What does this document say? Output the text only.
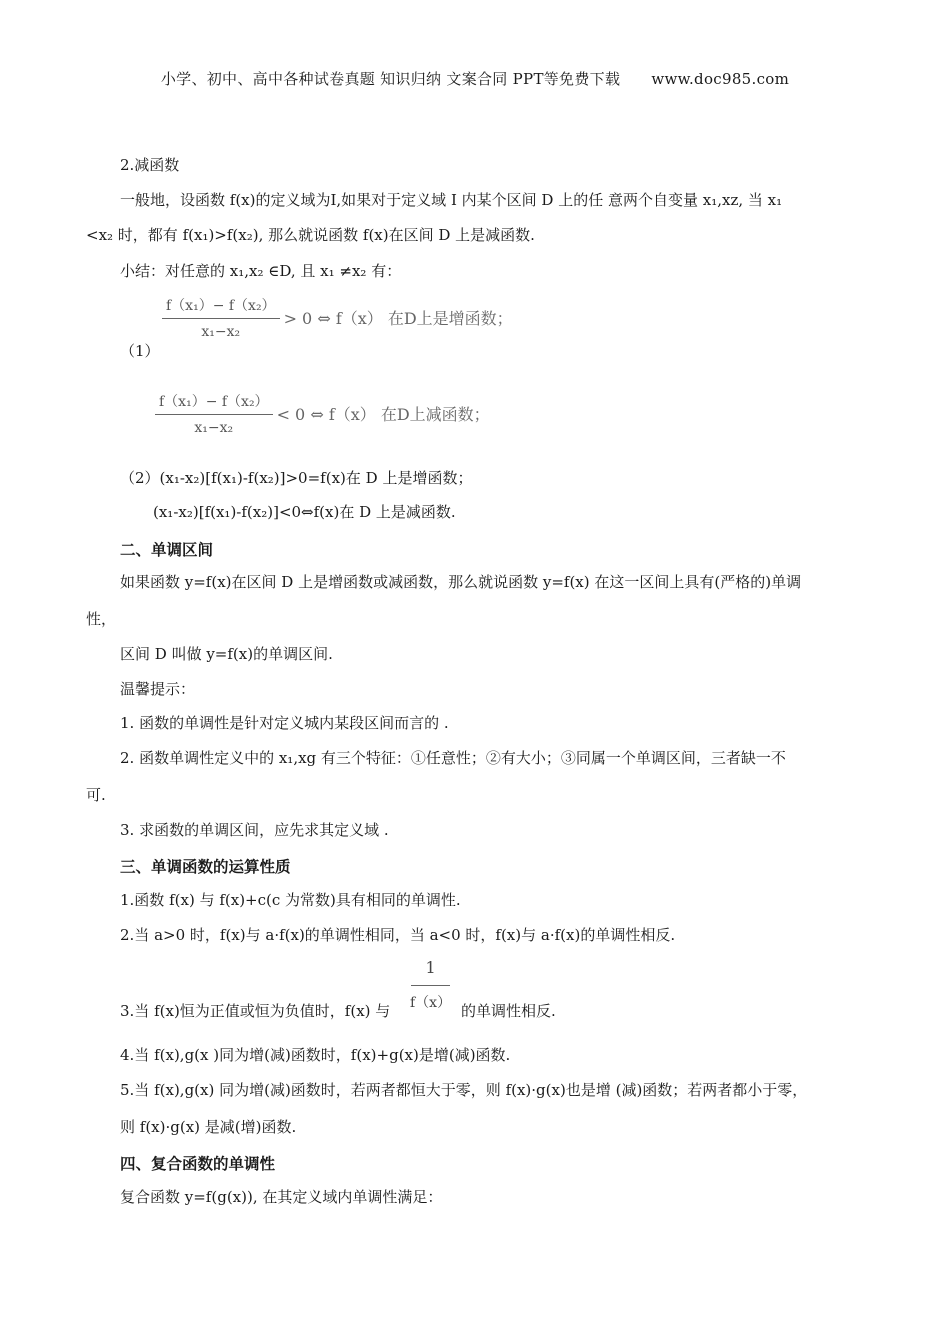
小学、初中、高中各种试卷真题 知识归纳 文案合同 PPT等免费下载 www.doc985.com
2.减函数
一般地，设函数 f(x)的定义域为I,如果对于定义域 I 内某个区间 D 上的任 意两个自变量 x₁,xz, 当 x₁
<x₂ 时，都有 f(x₁)>f(x₂), 那么就说函数 f(x)在区间 D 上是减函数.
小结：对任意的 x₁,x₂ ∈D, 且 x₁ ≠x₂ 有：
$\frac{\text{f（x₁）− f（x₂）}}{\text{x₁−x₂}} > 0$ ⇔ f（x） 在D上是增函数；
（1）
$\frac{\text{f（x₁）− f（x₂）}}{\text{x₁−x₂}} < 0$ ⇔ f（x） 在D上减函数；
（2）(x₁-x₂)[f(x₁)-f(x₂)]>0=f(x)在 D 上是增函数；
(x₁-x₂)[f(x₁)-f(x₂)]<0⇔f(x)在 D 上是减函数.
二、单调区间
如果函数 y=f(x)在区间 D 上是增函数或减函数，那么就说函数 y=f(x) 在这一区间上具有(严格的)单调
性，
区间 D 叫做 y=f(x)的单调区间.
温馨提示：
1. 函数的单调性是针对定义城内某段区间而言的 .
2. 函数单调性定义中的 x₁,xg 有三个特征：①任意性；②有大小；③同属一个单调区间，三者缺一不
可.
3. 求函数的单调区间，应先求其定义域 .
三、单调函数的运算性质
1.函数 f(x) 与 f(x)+c(c 为常数)具有相同的单调性.
2.当 a>0 时，f(x)与 a·f(x)的单调性相同，当 a<0 时，f(x)与 a·f(x)的单调性相反.
$\frac{1}{f(x)}$
3.当 f(x)恒为正值或恒为负值时，f(x) 与	的单调性相反.
4.当 f(x),g(x )同为增(减)函数时，f(x)+g(x)是增(减)函数.
5.当 f(x),g(x) 同为增(减)函数时，若两者都恒大于零，则 f(x)·g(x)也是增 (减)函数；若两者都小于零，
则 f(x)·g(x) 是减(增)函数.
四、复合函数的单调性
复合函数 y=f(g(x)), 在其定义域内单调性满足：
